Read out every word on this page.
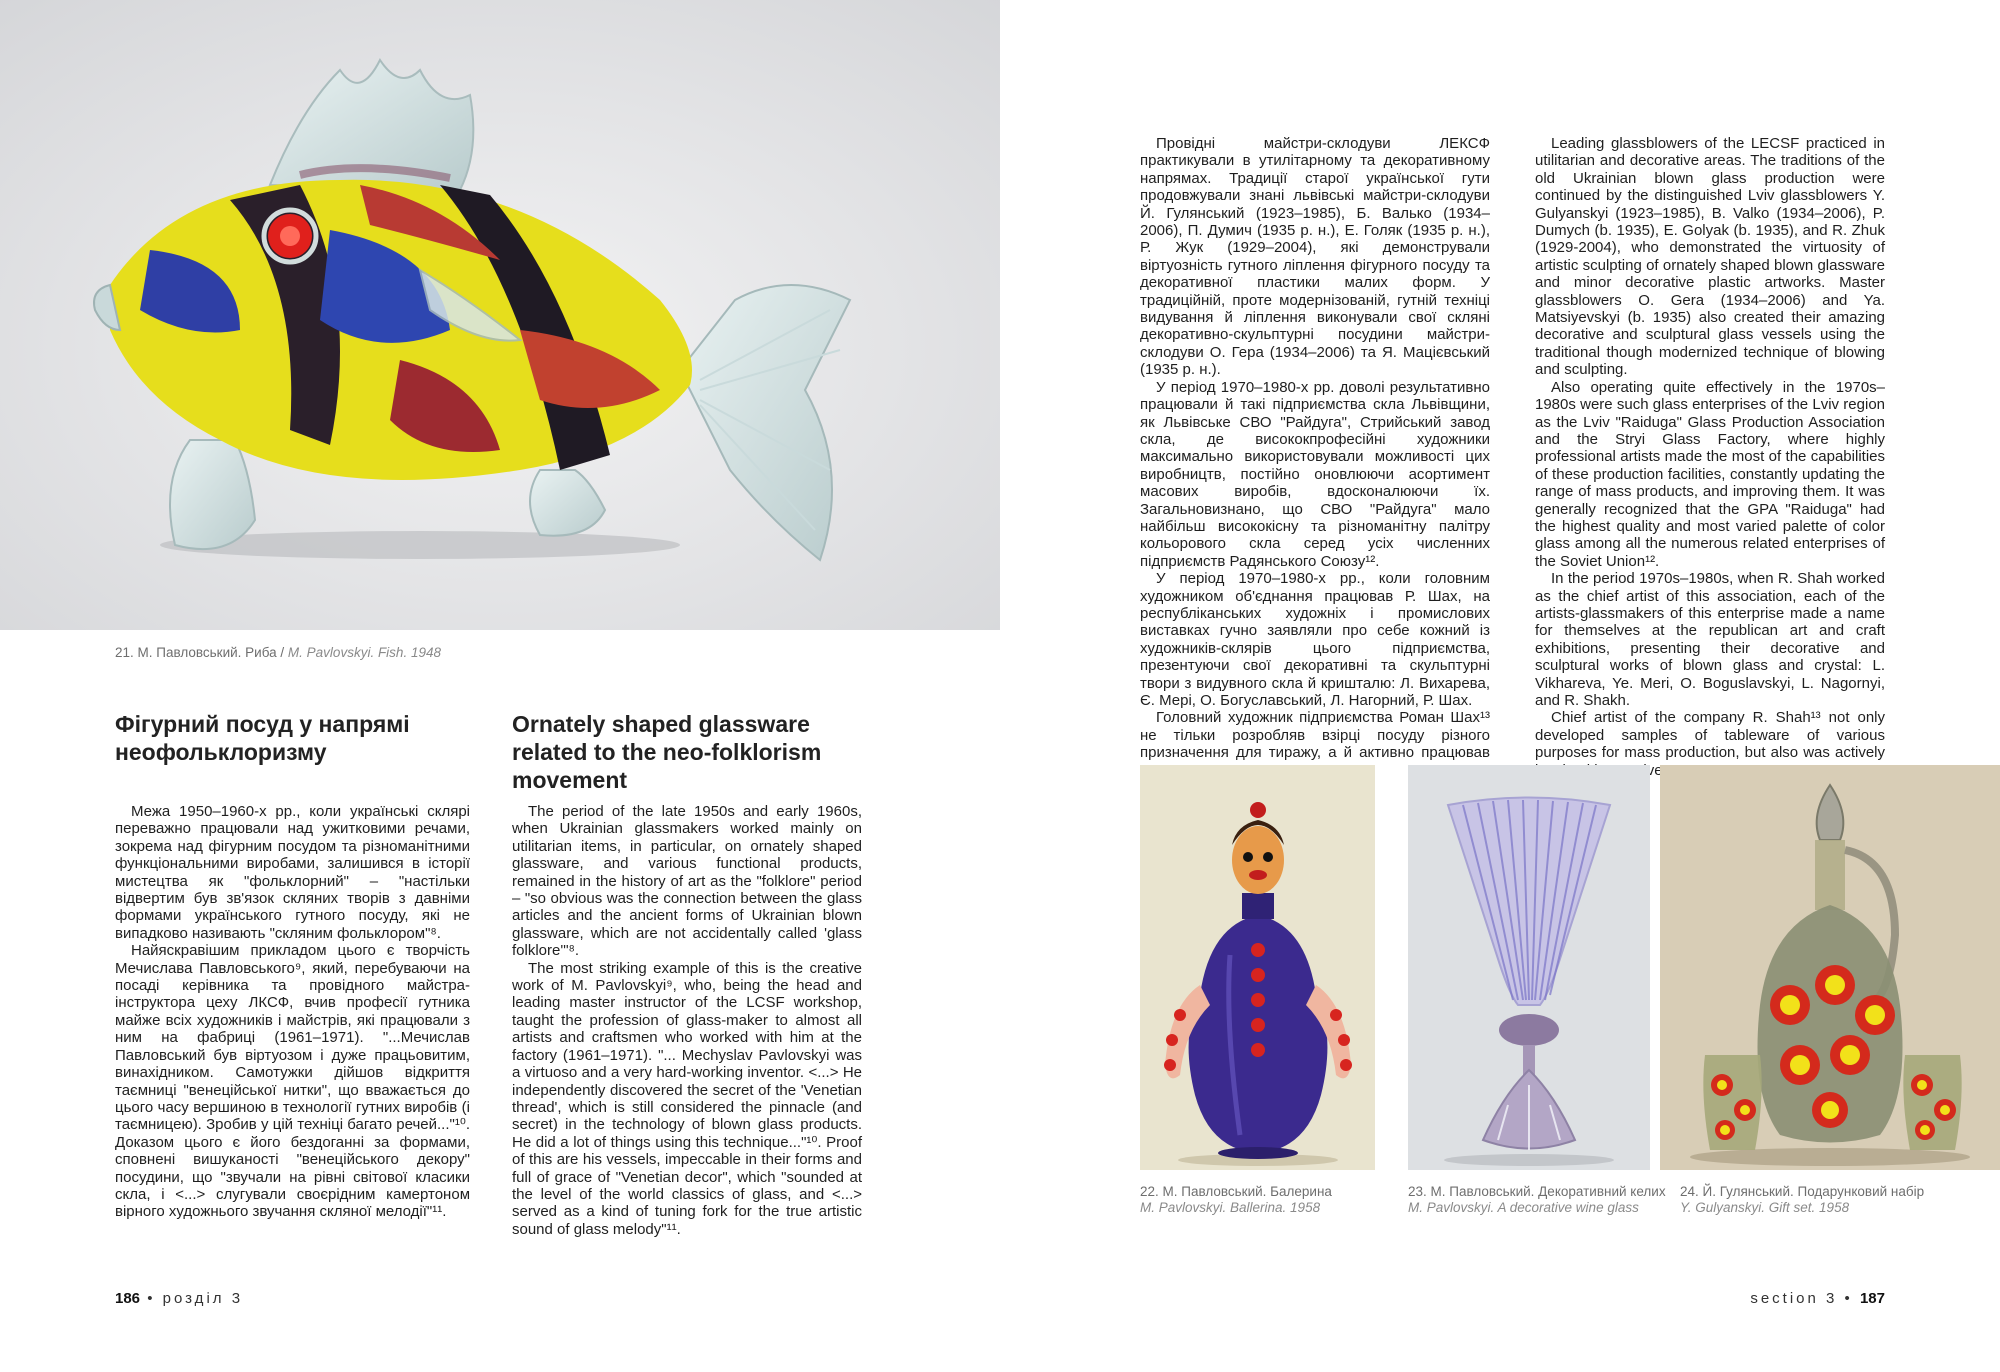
21. М. Павловський. Риба / M. Pavlovskyi. Fish. 1948
Фігурний посуд у напрямі неофольклоризму
Ornately shaped glassware related to the neo-folklorism movement

Межа 1950–1960-х рр., коли українські склярі переважно працювали над ужитковими речами, зокрема над фігурним посудом та різноманітними функціональними виробами, залишився в історії мистецтва як "фольклорний" – "настільки відвертим був зв'язок скляних творів з давніми формами українського гутного посуду, які не випадково називають "скляним фольклором"⁸.

Найяскравішим прикладом цього є творчість Мечислава Павловського⁹, який, перебуваючи на посаді керівника та провідного майстра-інструктора цеху ЛКСФ, вчив професії гутника майже всіх художників і майстрів, які працювали з ним на фабриці (1961–1971). "...Мечислав Павловський був віртуозом і дуже працьовитим, винахідником. Самотужки дійшов відкриття таємниці "венеційської нитки", що вважається до цього часу вершиною в технології гутних виробів (і таємницею). Зробив у цій техніці багато речей..."¹⁰. Доказом цього є його бездоганні за формами, сповнені вишуканості "венеційського декору" посудини, що "звучали на рівні світової класики скла, і <...> слугували своєрідним камертоном вірного художнього звучання скляної мелодії"¹¹.

The period of the late 1950s and early 1960s, when Ukrainian glassmakers worked mainly on utilitarian items, in particular, on ornately shaped glassware, and various functional products, remained in the history of art as the "folklore" period – "so obvious was the connection between the glass articles and the ancient forms of Ukrainian blown glassware, which are not accidentally called 'glass folklore'"⁸.

The most striking example of this is the creative work of M. Pavlovskyi⁹, who, being the head and leading master instructor of the LCSF workshop, taught the profession of glass-maker to almost all artists and craftsmen who worked with him at the factory (1961–1971). "... Mechyslav Pavlovskyi was a virtuoso and a very hard-working inventor. <...> He independently discovered the secret of the 'Venetian thread', which is still considered the pinnacle (and secret) in the technology of blown glass products. He did a lot of things using this technique..."¹⁰. Proof of this are his vessels, impeccable in their forms and full of grace of "Venetian decor", which "sounded at the level of the world classics of glass, and <...> served as a kind of tuning fork for the true artistic sound of glass melody"¹¹.

186 • розділ 3

Провідні майстри-склодуви ЛЕКСФ практикували в утилітарному та декоративному напрямах. Традиції старої української гути продовжували знані львівські майстри-склодуви Й. Гулянський (1923–1985), Б. Валько (1934–2006), П. Думич (1935 р. н.), Е. Голяк (1935 р. н.), Р. Жук (1929–2004), які демонстрували віртуозність гутного ліплення фігурного посуду та декоративної пластики малих форм. У традиційній, проте модернізованій, гутній техніці видування й ліплення виконували свої скляні декоративно-скульптурні посудини майстри-склодуви О. Гера (1934–2006) та Я. Мацієвський (1935 р. н.).

У період 1970–1980-х рр. доволі результативно працювали й такі підприємства скла Львівщини, як Львівське СВО "Райдуга", Стрийський завод скла, де висококпрофесійні художники максимально використовували можливості цих виробництв, постійно оновлюючи асортимент масових виробів, вдосконалюючи їх. Загальновизнано, що СВО "Райдуга" мало найбільш висококісну та різноманітну палітру кольорового скла серед усіх численних підприємств Радянського Союзу¹².

У період 1970–1980-х рр., коли головним художником об'єднання працював Р. Шах, на республіканських художніх і промислових виставках гучно заявляли про себе кожний із художників-склярів цього підприємства, презентуючи свої декоративні та скульптурні твори з видувного скла й кришталю: Л. Вихарева, Є. Мері, О. Богуславський, Л. Нагорний, Р. Шах.

Головний художник підприємства Роман Шах¹³ не тільки розробляв взірці посуду різного призначення для тиражу, а й активно працював

Leading glassblowers of the LECSF practiced in utilitarian and decorative areas. The traditions of the old Ukrainian blown glass production were continued by the distinguished Lviv glassblowers Y. Gulyanskyi (1923–1985), B. Valko (1934–2006), P. Dumych (b. 1935), E. Golyak (b. 1935), and R. Zhuk (1929-2004), who demonstrated the virtuosity of artistic sculpting of ornately shaped blown glassware and minor decorative plastic artworks. Master glassblowers O. Gera (1934–2006) and Ya. Matsiyevskyi (b. 1935) also created their amazing decorative and sculptural glass vessels using the traditional though modernized technique of blowing and sculpting.

Also operating quite effectively in the 1970s–1980s were such glass enterprises of the Lviv region as the Lviv "Raiduga" Glass Production Association and the Stryi Glass Factory, where highly professional artists made the most of the capabilities of these production facilities, constantly updating the range of mass products, and improving them. It was generally recognized that the GPA "Raiduga" had the highest quality and most varied palette of color glass among all the numerous related enterprises of the Soviet Union¹².

In the period 1970s–1980s, when R. Shah worked as the chief artist of this association, each of the artists-glassmakers of this enterprise made a name for themselves at the republican art and craft exhibitions, presenting their decorative and sculptural works of blown glass and crystal: L. Vikhareva, Ye. Meri, O. Boguslavskyi, L. Nagornyi, and R. Shakh.

Chief artist of the company R. Shah¹³ not only developed samples of tableware of various purposes for mass production, but also was actively

22. М. Павловський. Балерина
M. Pavlovskyi. Ballerina. 1958
23. М. Павловський. Декоративний келих
M. Pavlovskyi. A decorative wine glass
24. Й. Гулянський. Подарунковий набір
Y. Gulyanskyi. Gift set. 1958
section 3 • 187
